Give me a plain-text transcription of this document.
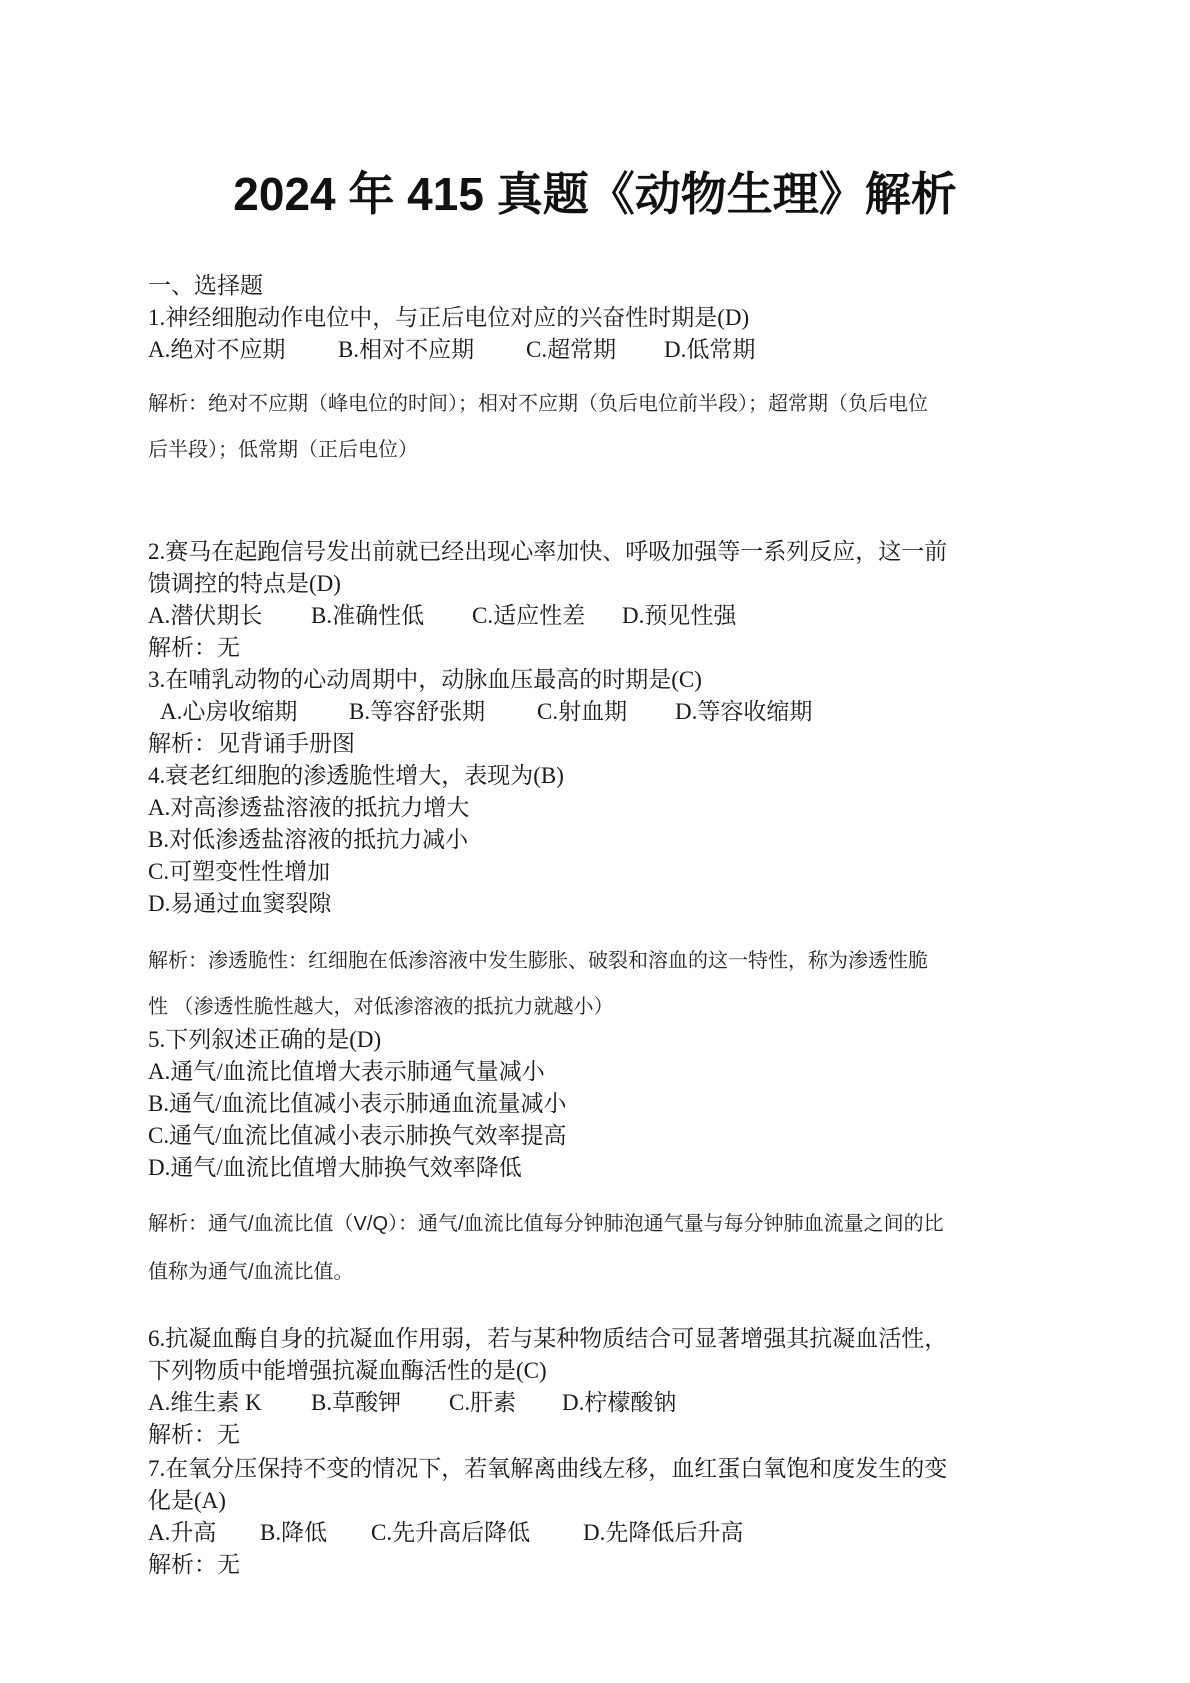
2024 年 415 真题《动物生理》解析
一、选择题
1.神经细胞动作电位中，与正后电位对应的兴奋性时期是(D)
A.绝对不应期 B.相对不应期 C.超常期 D.低常期
解析：绝对不应期（峰电位的时间）；相对不应期（负后电位前半段）；超常期（负后电位
后半段）；低常期（正后电位）
2.赛马在起跑信号发出前就已经出现心率加快、呼吸加强等一系列反应，这一前
馈调控的特点是(D)
A.潜伏期长 B.准确性低 C.适应性差 D.预见性强
解析：无
3.在哺乳动物的心动周期中，动脉血压最高的时期是(C)
A.心房收缩期 B.等容舒张期 C.射血期 D.等容收缩期
解析：见背诵手册图
4.衰老红细胞的渗透脆性增大，表现为(B)
A.对高渗透盐溶液的抵抗力增大
B.对低渗透盐溶液的抵抗力减小
C.可塑变性性增加
D.易通过血窦裂隙
解析：渗透脆性：红细胞在低渗溶液中发生膨胀、破裂和溶血的这一特性，称为渗透性脆
性 （渗透性脆性越大，对低渗溶液的抵抗力就越小）
5.下列叙述正确的是(D)
A.通气/血流比值增大表示肺通气量减小
B.通气/血流比值减小表示肺通血流量减小
C.通气/血流比值减小表示肺换气效率提高
D.通气/血流比值增大肺换气效率降低
解析：通气/血流比值（V/Q）：通气/血流比值每分钟肺泡通气量与每分钟肺血流量之间的比
值称为通气/血流比值。
6.抗凝血酶自身的抗凝血作用弱，若与某种物质结合可显著增强其抗凝血活性，
下列物质中能增强抗凝血酶活性的是(C)
A.维生素 K B.草酸钾 C.肝素 D.柠檬酸钠
解析：无
7.在氧分压保持不变的情况下，若氧解离曲线左移，血红蛋白氧饱和度发生的变
化是(A)
A.升高 B.降低 C.先升高后降低 D.先降低后升高
解析：无
